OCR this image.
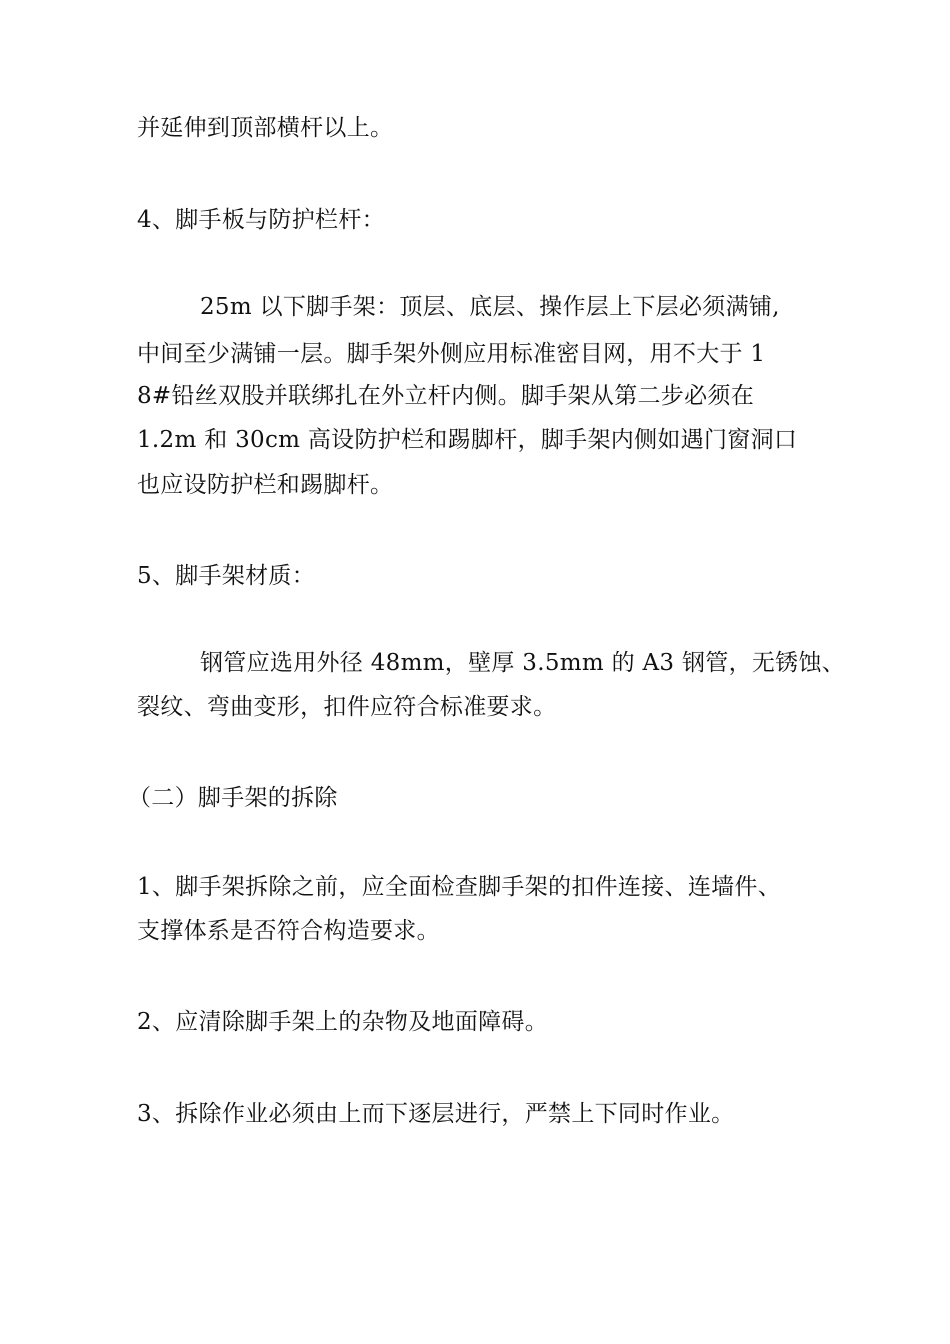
并延伸到顶部横杆以上。
4、脚手板与防护栏杆：
25m 以下脚手架：顶层、底层、操作层上下层必须满铺,
中间至少满铺一层。脚手架外侧应用标准密目网，用不大于 1
8#铅丝双股并联绑扎在外立杆内侧。脚手架从第二步必须在
1.2m 和 30cm 高设防护栏和踢脚杆，脚手架内侧如遇门窗洞口
也应设防护栏和踢脚杆。
5、脚手架材质：
钢管应选用外径 48mm，壁厚 3.5mm 的 A3 钢管，无锈蚀、
裂纹、弯曲变形，扣件应符合标准要求。
（二）脚手架的拆除
1、脚手架拆除之前，应全面检查脚手架的扣件连接、连墙件、
支撑体系是否符合构造要求。
2、应清除脚手架上的杂物及地面障碍。
3、拆除作业必须由上而下逐层进行，严禁上下同时作业。
